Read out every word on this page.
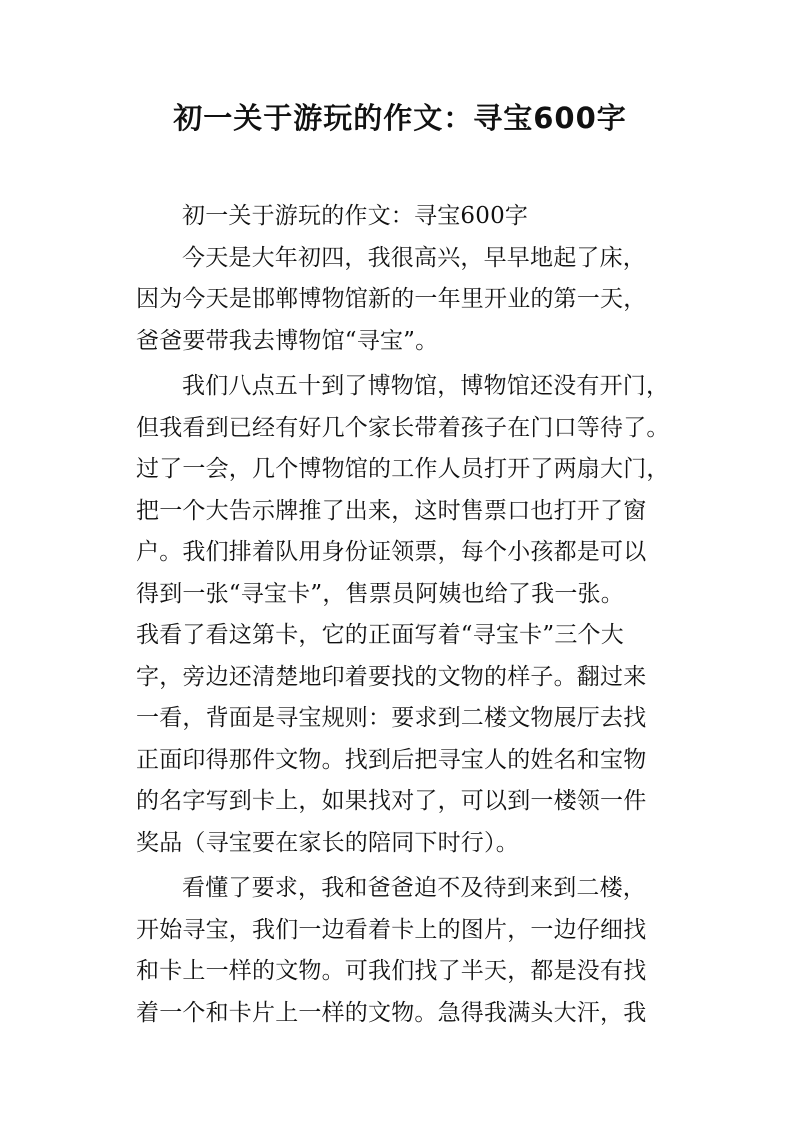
初一关于游玩的作文：寻宝600字
初一关于游玩的作文：寻宝600字
今天是大年初四，我很高兴，早早地起了床，
因为今天是邯郸博物馆新的一年里开业的第一天，
爸爸要带我去博物馆“寻宝”。
我们八点五十到了博物馆，博物馆还没有开门，
但我看到已经有好几个家长带着孩子在门口等待了。
过了一会，几个博物馆的工作人员打开了两扇大门，
把一个大告示牌推了出来，这时售票口也打开了窗
户。我们排着队用身份证领票，每个小孩都是可以
得到一张“寻宝卡”，售票员阿姨也给了我一张。
我看了看这第卡，它的正面写着“寻宝卡”三个大
字，旁边还清楚地印着要找的文物的样子。翻过来
一看，背面是寻宝规则：要求到二楼文物展厅去找
正面印得那件文物。找到后把寻宝人的姓名和宝物
的名字写到卡上，如果找对了，可以到一楼领一件
奖品（寻宝要在家长的陪同下时行）。
看懂了要求，我和爸爸迫不及待到来到二楼，
开始寻宝，我们一边看着卡上的图片，一边仔细找
和卡上一样的文物。可我们找了半天，都是没有找
着一个和卡片上一样的文物。急得我满头大汗，我
